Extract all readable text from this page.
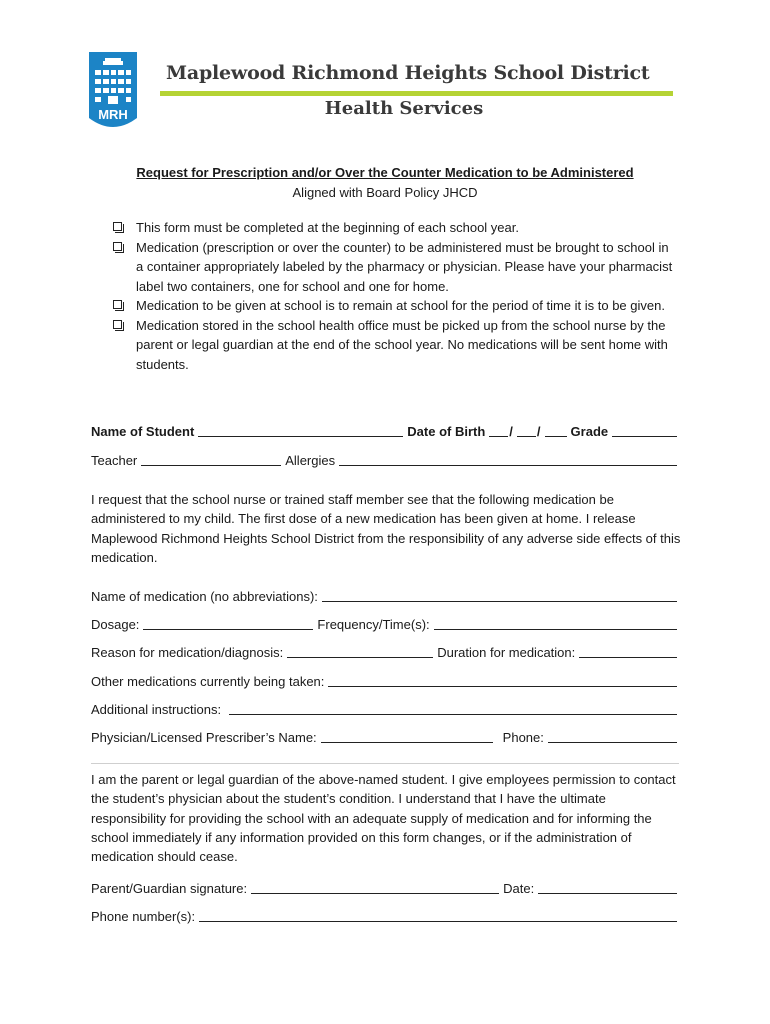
MRH
Maplewood Richmond Heights School District
Health Services
Request for Prescription and/or Over the Counter Medication to be Administered
Aligned with Board Policy JHCD
This form must be completed at the beginning of each school year.
Medication (prescription or over the counter) to be administered must be brought to school in a container appropriately labeled by the pharmacy or physician. Please have your pharmacist label two containers, one for school and one for home.
Medication to be given at school is to remain at school for the period of time it is to be given.
Medication stored in the school health office must be picked up from the school nurse by the parent or legal guardian at the end of the school year. No medications will be sent home with students.
Name of Student	Date of Birth / / Grade
Teacher	Allergies
I request that the school nurse or trained staff member see that the following medication be administered to my child. The first dose of a new medication has been given at home. I release Maplewood Richmond Heights School District from the responsibility of any adverse side effects of this medication.
Name of medication (no abbreviations):
Dosage:	Frequency/Time(s):
Reason for medication/diagnosis:	Duration for medication:
Other medications currently being taken:
Additional instructions:
Physician/Licensed Prescriber’s Name:	Phone:
I am the parent or legal guardian of the above-named student. I give employees permission to contact the student’s physician about the student’s condition. I understand that I have the ultimate responsibility for providing the school with an adequate supply of medication and for informing the school immediately if any information provided on this form changes, or if the administration of medication should cease.
Parent/Guardian signature:	Date:
Phone number(s):
